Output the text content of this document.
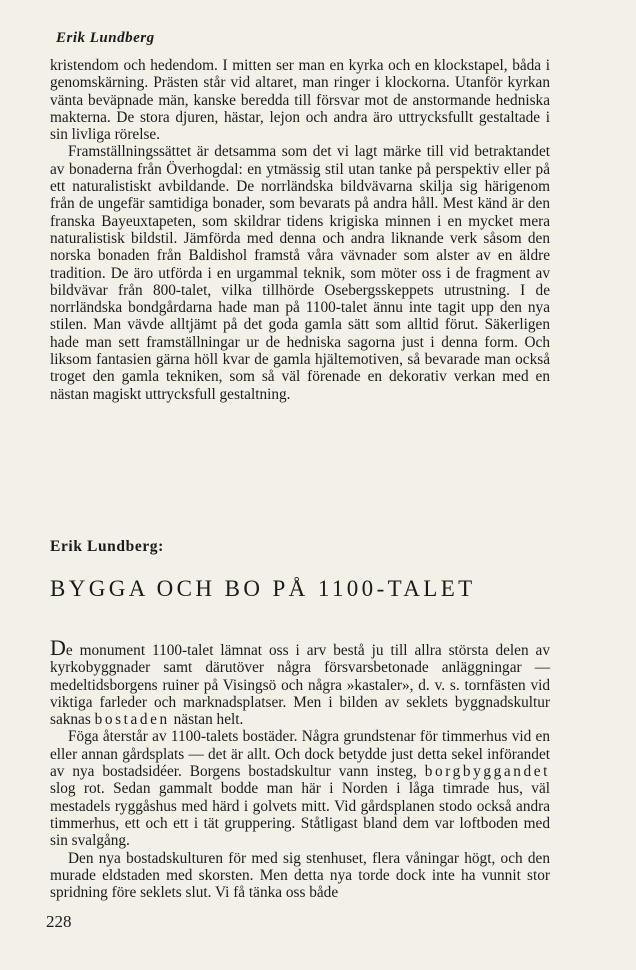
Erik Lundberg

kristendom och hedendom. I mitten ser man en kyrka och en klockstapel, båda i genomskärning. Prästen står vid altaret, man ringer i klockorna. Utanför kyrkan vänta beväpnade män, kanske beredda till försvar mot de anstormande hedniska makterna. De stora djuren, hästar, lejon och andra äro uttrycksfullt gestaltade i sin livliga rörelse.

Framställningssättet är detsamma som det vi lagt märke till vid betraktandet av bonaderna från Överhogdal: en ytmässig stil utan tanke på perspektiv eller på ett naturalistiskt avbildande. De norrländska bildvävarna skilja sig härigenom från de ungefär samtidiga bonader, som bevarats på andra håll. Mest känd är den franska Bayeuxtapeten, som skildrar tidens krigiska minnen i en mycket mera naturalistisk bildstil. Jämförda med denna och andra liknande verk såsom den norska bonaden från Baldishol framstå våra vävnader som alster av en äldre tradition. De äro utförda i en urgammal teknik, som möter oss i de fragment av bildvävar från 800-talet, vilka tillhörde Osebergsskeppets utrustning. I de norrländska bondgårdarna hade man på 1100-talet ännu inte tagit upp den nya stilen. Man vävde alltjämt på det goda gamla sätt som alltid förut. Säkerligen hade man sett framställningar ur de hedniska sagorna just i denna form. Och liksom fantasien gärna höll kvar de gamla hjältemotiven, så bevarade man också troget den gamla tekniken, som så väl förenade en dekorativ verkan med en nästan magiskt uttrycksfull gestaltning.

Erik Lundberg:
BYGGA OCH BO PÅ 1100-TALET

De monument 1100-talet lämnat oss i arv bestå ju till allra största delen av kyrkobyggnader samt därutöver några försvarsbetonade anläggningar — medeltidsborgens ruiner på Visingsö och några »kastaler», d. v. s. tornfästen vid viktiga farleder och marknadsplatser. Men i bilden av seklets byggnadskultur saknas bostaden nästan helt.

Föga återstår av 1100-talets bostäder. Några grundstenar för timmerhus vid en eller annan gårdsplats — det är allt. Och dock betydde just detta sekel införandet av nya bostadsidéer. Borgens bostadskultur vann insteg, borgbyggandet slog rot. Sedan gammalt bodde man här i Norden i låga timrade hus, väl mestadels ryggåshus med härd i golvets mitt. Vid gårdsplanen stodo också andra timmerhus, ett och ett i tät gruppering. Ståtligast bland dem var loftboden med sin svalgång.

Den nya bostadskulturen för med sig stenhuset, flera våningar högt, och den murade eldstaden med skorsten. Men detta nya torde dock inte ha vunnit stor spridning före seklets slut. Vi få tänka oss både

228
